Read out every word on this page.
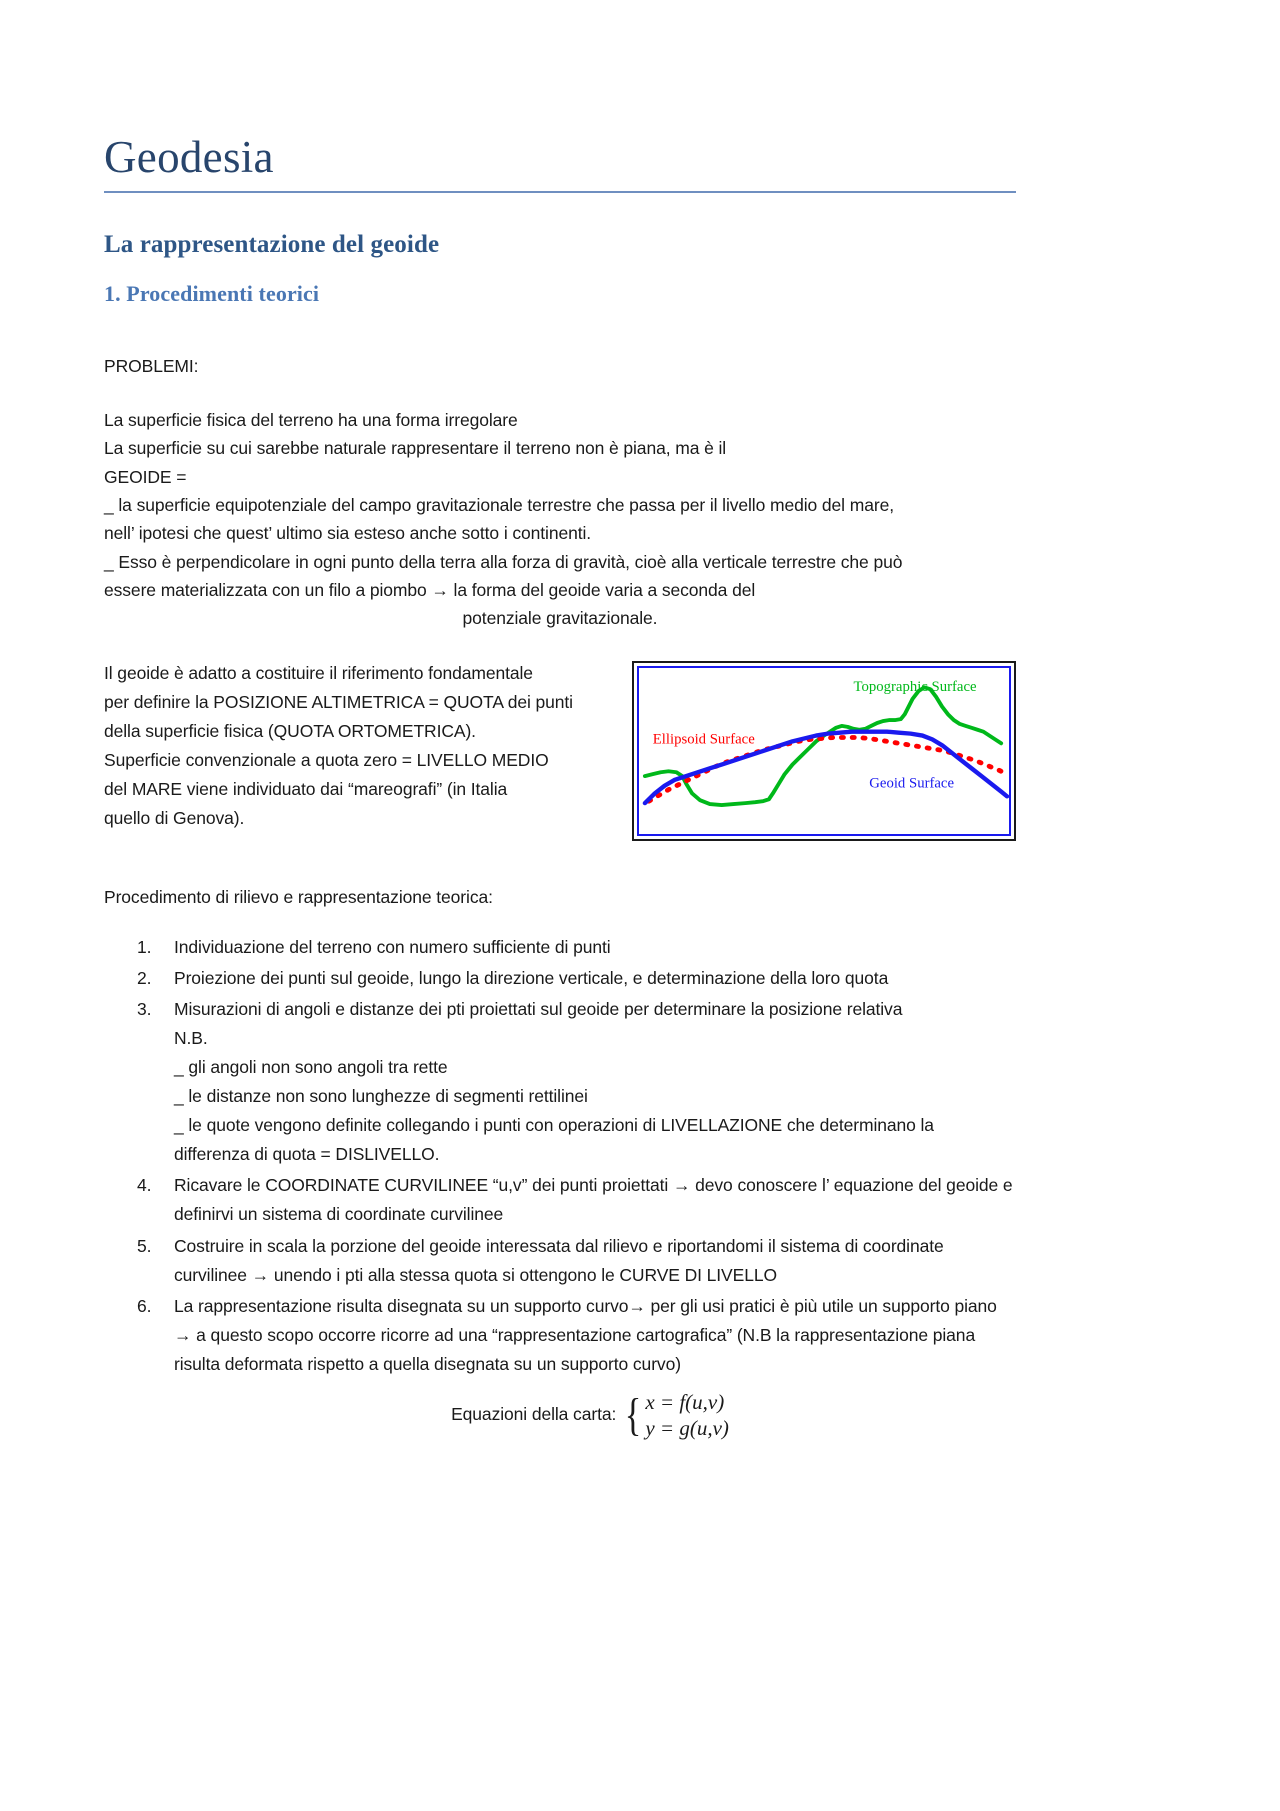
Geodesia
La rappresentazione del geoide
1. Procedimenti teorici
PROBLEMI:
La superficie fisica del terreno ha una forma irregolare
La superficie su cui sarebbe naturale rappresentare il terreno non è piana, ma è il
GEOIDE =
_ la superficie equipotenziale del campo gravitazionale terrestre che passa per il livello medio del mare,
nell’ ipotesi che quest’ ultimo sia esteso anche sotto i continenti.
_ Esso è perpendicolare in ogni punto della terra alla forza di gravità, cioè alla verticale terrestre che può
essere materializzata con un filo a piombo → la forma del geoide varia a seconda del
potenziale gravitazionale.
Topographic Surface
Ellipsoid Surface
Geoid Surface
Il geoide è adatto a costituire il riferimento fondamentale
per definire la POSIZIONE ALTIMETRICA = QUOTA dei punti
della superficie fisica (QUOTA ORTOMETRICA).
Superficie convenzionale a quota zero = LIVELLO MEDIO
del MARE viene individuato dai “mareografi” (in Italia
quello di Genova).
Procedimento di rilievo e rappresentazione teorica:
1.	Individuazione del terreno con numero sufficiente di punti
2.	Proiezione dei punti sul geoide, lungo la direzione verticale, e determinazione della loro quota
3.	Misurazioni di angoli e distanze dei pti proiettati sul geoide per determinare la posizione relativa
N.B.
_ gli angoli non sono angoli tra rette
_ le distanze non sono lunghezze di segmenti rettilinei
_ le quote vengono definite collegando i punti con operazioni di LIVELLAZIONE che determinano la
differenza di quota = DISLIVELLO.
4.	Ricavare le COORDINATE CURVILINEE “u,v” dei punti proiettati → devo conoscere l’ equazione del geoide e definirvi un sistema di coordinate curvilinee
5.	Costruire in scala la porzione del geoide interessata dal rilievo e riportandomi il sistema di coordinate curvilinee → unendo i pti alla stessa quota si ottengono le CURVE DI LIVELLO
6.	La rappresentazione risulta disegnata su un supporto curvo→ per gli usi pratici è più utile un supporto piano → a questo scopo occorre ricorre ad una “rappresentazione cartografica” (N.B la rappresentazione piana risulta deformata rispetto a quella disegnata su un supporto curvo)
Equazioni della carta: { x = f(u,v)
y = g(u,v)
